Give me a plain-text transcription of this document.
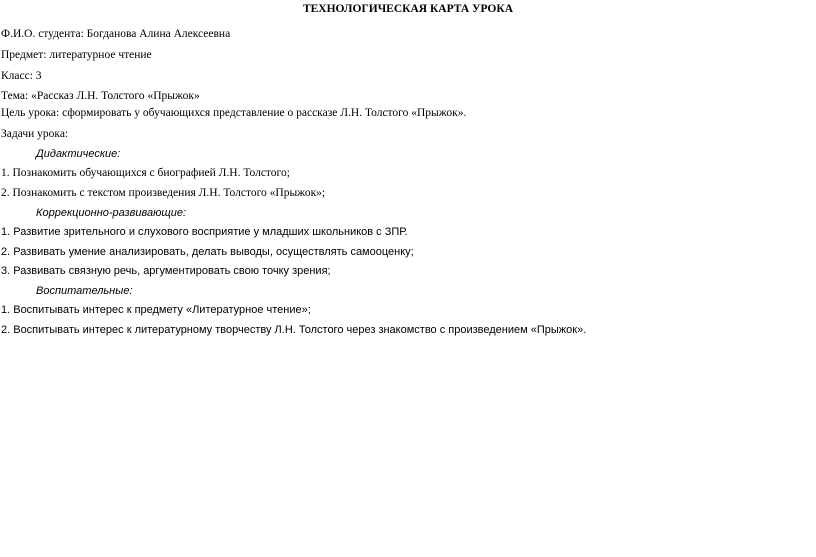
ТЕХНОЛОГИЧЕСКАЯ КАРТА УРОКА
Ф.И.О. студента: Богданова Алина Алексеевна
Предмет: литературное чтение
Класс: 3
Тема: «Рассказ Л.Н. Толстого «Прыжок»
Цель урока: сформировать у обучающихся представление о рассказе Л.Н. Толстого «Прыжок».
Задачи урока:
Дидактические:
1. Познакомить обучающихся с биографией Л.Н. Толстого;
2. Познакомить с текстом произведения Л.Н. Толстого «Прыжок»;
Коррекционно-развивающие:
1. Развитие зрительного и слухового восприятие у младших школьников с ЗПР.
2. Развивать умение анализировать, делать выводы, осуществлять самооценку;
3. Развивать связную речь, аргументировать свою точку зрения;
Воспитательные:
1. Воспитывать интерес к предмету «Литературное чтение»;
2. Воспитывать интерес к литературному творчеству Л.Н. Толстого через знакомство с произведением «Прыжок».
